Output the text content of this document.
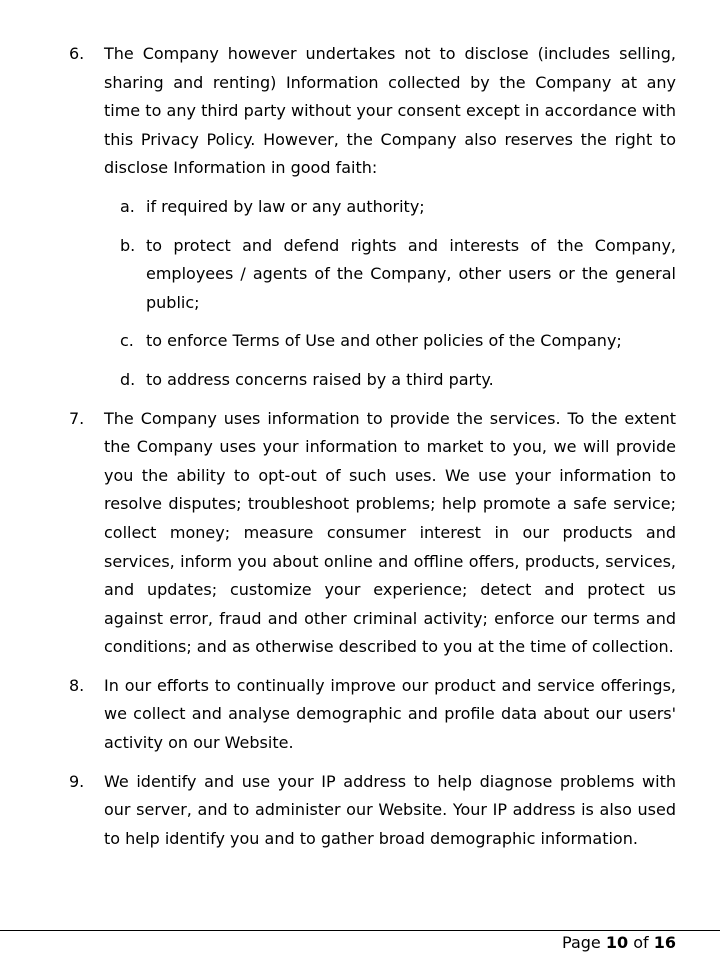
6.	The Company however undertakes not to disclose (includes selling, sharing and renting) Information collected by the Company at any time to any third party without your consent except in accordance with this Privacy Policy. However, the Company also reserves the right to disclose Information in good faith:
a. if required by law or any authority;
b. to protect and defend rights and interests of the Company, employees / agents of the Company, other users or the general public;
c. to enforce Terms of Use and other policies of the Company;
d. to address concerns raised by a third party.
7.	The Company uses information to provide the services. To the extent the Company uses your information to market to you, we will provide you the ability to opt-out of such uses. We use your information to resolve disputes; troubleshoot problems; help promote a safe service; collect money; measure consumer interest in our products and services, inform you about online and offline offers, products, services, and updates; customize your experience; detect and protect us against error, fraud and other criminal activity; enforce our terms and conditions; and as otherwise described to you at the time of collection.
8.	In our efforts to continually improve our product and service offerings, we collect and analyse demographic and profile data about our users' activity on our Website.
9.	We identify and use your IP address to help diagnose problems with our server, and to administer our Website. Your IP address is also used to help identify you and to gather broad demographic information.
Page 10 of 16
